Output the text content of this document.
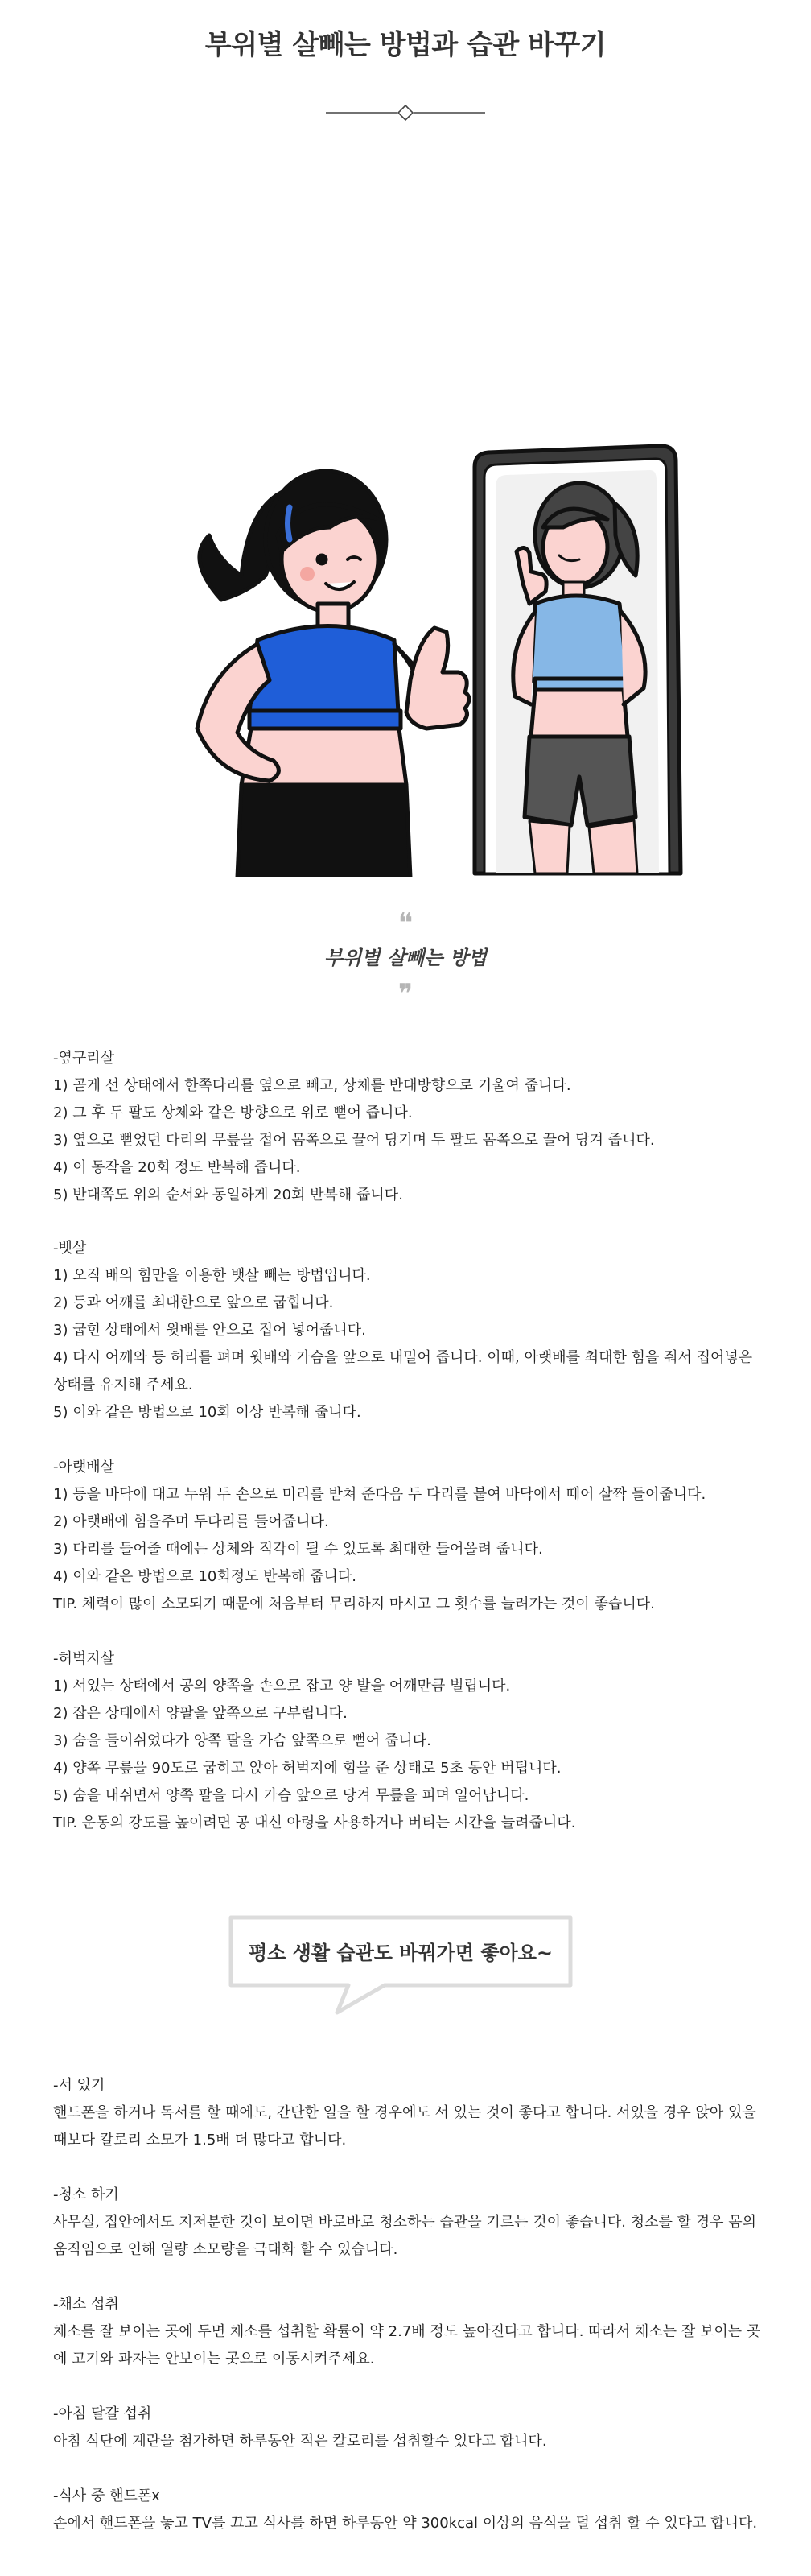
부위별 살빼는 방법과 습관 바꾸기
❝
부위별 살빼는 방법
❞
-옆구리살
1) 곧게 선 상태에서 한쪽다리를 옆으로 빼고, 상체를 반대방향으로 기울여 줍니다.
2) 그 후 두 팔도 상체와 같은 방향으로 위로 뻗어 줍니다.
3) 옆으로 뻗었던 다리의 무릎을 접어 몸쪽으로 끌어 당기며 두 팔도 몸쪽으로 끌어 당겨 줍니다.
4) 이 동작을 20회 정도 반복해 줍니다.
5) 반대쪽도 위의 순서와 동일하게 20회 반복해 줍니다.
-뱃살
1) 오직 배의 힘만을 이용한 뱃살 빼는 방법입니다.
2) 등과 어깨를 최대한으로 앞으로 굽힙니다.
3) 굽힌 상태에서 윗배를 안으로 집어 넣어줍니다.
4) 다시 어깨와 등 허리를 펴며 윗배와 가슴을 앞으로 내밀어 줍니다. 이때, 아랫배를 최대한 힘을 줘서 집어넣은 상태를 유지해 주세요.
5) 이와 같은 방법으로 10회 이상 반복해 줍니다.
-아랫배살
1) 등을 바닥에 대고 누워 두 손으로 머리를 받쳐 준다음 두 다리를 붙여 바닥에서 떼어 살짝 들어줍니다.
2) 아랫배에 힘을주며 두다리를 들어줍니다.
3) 다리를 들어줄 때에는 상체와 직각이 될 수 있도록 최대한 들어올려 줍니다.
4) 이와 같은 방법으로 10회정도 반복해 줍니다.
TIP. 체력이 많이 소모되기 때문에 처음부터 무리하지 마시고 그 횟수를 늘려가는 것이 좋습니다.
-허벅지살
1) 서있는 상태에서 공의 양쪽을 손으로 잡고 양 발을 어깨만큼 벌립니다.
2) 잡은 상태에서 양팔을 앞쪽으로 구부립니다.
3) 숨을 들이쉬었다가 양쪽 팔을 가슴 앞쪽으로 뻗어 줍니다.
4) 양쪽 무릎을 90도로 굽히고 앉아 허벅지에 힘을 준 상태로 5초 동안 버팁니다.
5) 숨을 내쉬면서 양쪽 팔을 다시 가슴 앞으로 당겨 무릎을 피며 일어납니다.
TIP. 운동의 강도를 높이려면 공 대신 아령을 사용하거나 버티는 시간을 늘려줍니다.
평소 생활 습관도 바꿔가면 좋아요~
-서 있기
핸드폰을 하거나 독서를 할 때에도, 간단한 일을 할 경우에도 서 있는 것이 좋다고 합니다. 서있을 경우 앉아 있을 때보다 칼로리 소모가 1.5배 더 많다고 합니다.
-청소 하기
사무실, 집안에서도 지저분한 것이 보이면 바로바로 청소하는 습관을 기르는 것이 좋습니다. 청소를 할 경우 몸의 움직임으로 인해 열량 소모량을 극대화 할 수 있습니다.
-채소 섭취
채소를 잘 보이는 곳에 두면 채소를 섭취할 확률이 약 2.7배 정도 높아진다고 합니다. 따라서 채소는 잘 보이는 곳에 고기와 과자는 안보이는 곳으로 이동시켜주세요.
-아침 달걀 섭취
아침 식단에 계란을 첨가하면 하루동안 적은 칼로리를 섭취할수 있다고 합니다.
-식사 중 핸드폰x
손에서 핸드폰을 놓고 TV를 끄고 식사를 하면 하루동안 약 300kcal 이상의 음식을 덜 섭취 할 수 있다고 합니다.
